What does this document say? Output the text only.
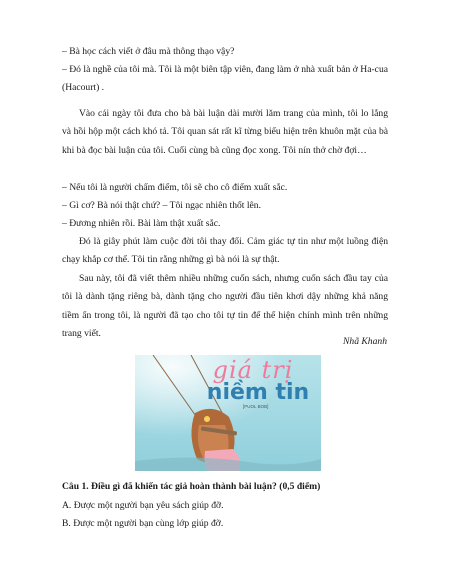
– Bà học cách viết ở đâu mà thông thạo vậy?

– Đó là nghề của tôi mà. Tôi là một biên tập viên, đang làm ở nhà xuất bản ở Ha-cua (Hacourt) .

Vào cái ngày tôi đưa cho bà bài luận dài mười lăm trang của mình, tôi lo lắng và hồi hộp một cách khó tả. Tôi quan sát rất kĩ từng biểu hiện trên khuôn mặt của bà khi bà đọc bài luận của tôi. Cuối cùng bà cũng đọc xong. Tôi nín thở chờ đợi…

– Nếu tôi là người chấm điểm, tôi sẽ cho cô điểm xuất sắc.

– Gì cơ? Bà nói thật chứ? – Tôi ngạc nhiên thốt lên.

– Đương nhiên rồi. Bài làm thật xuất sắc.

Đó là giây phút làm cuộc đời tôi thay đổi. Cảm giác tự tin như một luồng điện chạy khắp cơ thể. Tôi tin rằng những gì bà nói là sự thật.

Sau này, tôi đã viết thêm nhiều những cuốn sách, nhưng cuốn sách đầu tay của tôi là dành tặng riêng bà, dành tặng cho người đầu tiên khơi dậy những khả năng tiềm ẩn trong tôi, là người đã tạo cho tôi tự tin để thể hiện chính mình trên những trang viết.

Nhã Khanh

giá trị
niềm tin
[PUOL BOB]

Câu 1. Điều gì đã khiến tác giả hoàn thành bài luận? (0,5 điểm)

A. Được một người bạn yêu sách giúp đỡ.

B. Được một người bạn cùng lớp giúp đỡ.
